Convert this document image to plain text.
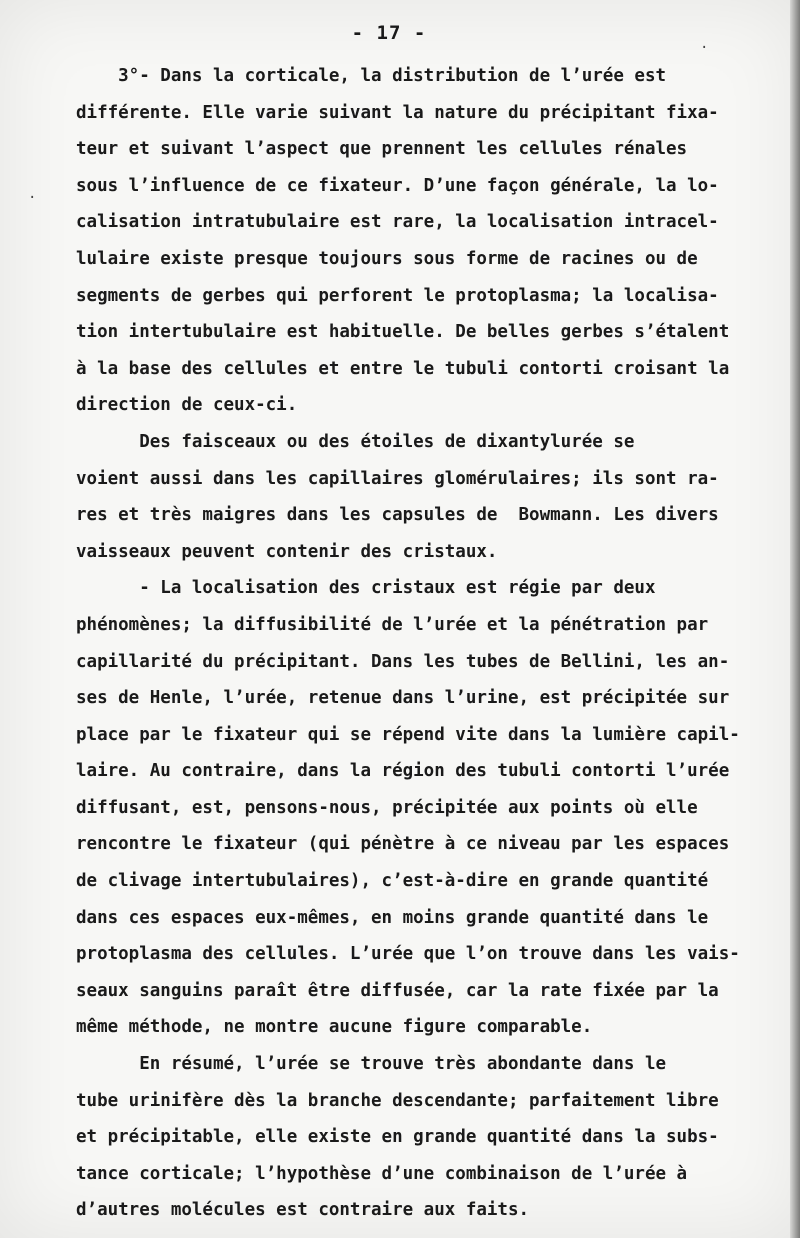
- 17 -
·
·
3°- Dans la corticale, la distribution de l’urée est
différente. Elle varie suivant la nature du précipitant fixa-
teur et suivant l’aspect que prennent les cellules rénales
sous l’influence de ce fixateur. D’une façon générale, la lo-
calisation intratubulaire est rare, la localisation intracel-
lulaire existe presque toujours sous forme de racines ou de
segments de gerbes qui perforent le protoplasma; la localisa-
tion intertubulaire est habituelle. De belles gerbes s’étalent
à la base des cellules et entre le tubuli contorti croisant la
direction de ceux-ci.
Des faisceaux ou des étoiles de dixantylurée se
voient aussi dans les capillaires glomérulaires; ils sont ra-
res et très maigres dans les capsules de  Bowmann. Les divers
vaisseaux peuvent contenir des cristaux.
- La localisation des cristaux est régie par deux
phénomènes; la diffusibilité de l’urée et la pénétration par
capillarité du précipitant. Dans les tubes de Bellini, les an-
ses de Henle, l’urée, retenue dans l’urine, est précipitée sur
place par le fixateur qui se répend vite dans la lumière capil-
laire. Au contraire, dans la région des tubuli contorti l’urée
diffusant, est, pensons-nous, précipitée aux points où elle
rencontre le fixateur (qui pénètre à ce niveau par les espaces
de clivage intertubulaires), c’est-à-dire en grande quantité
dans ces espaces eux-mêmes, en moins grande quantité dans le
protoplasma des cellules. L’urée que l’on trouve dans les vais-
seaux sanguins paraît être diffusée, car la rate fixée par la
même méthode, ne montre aucune figure comparable.
En résumé, l’urée se trouve très abondante dans le
tube urinifère dès la branche descendante; parfaitement libre
et précipitable, elle existe en grande quantité dans la subs-
tance corticale; l’hypothèse d’une combinaison de l’urée à
d’autres molécules est contraire aux faits.
